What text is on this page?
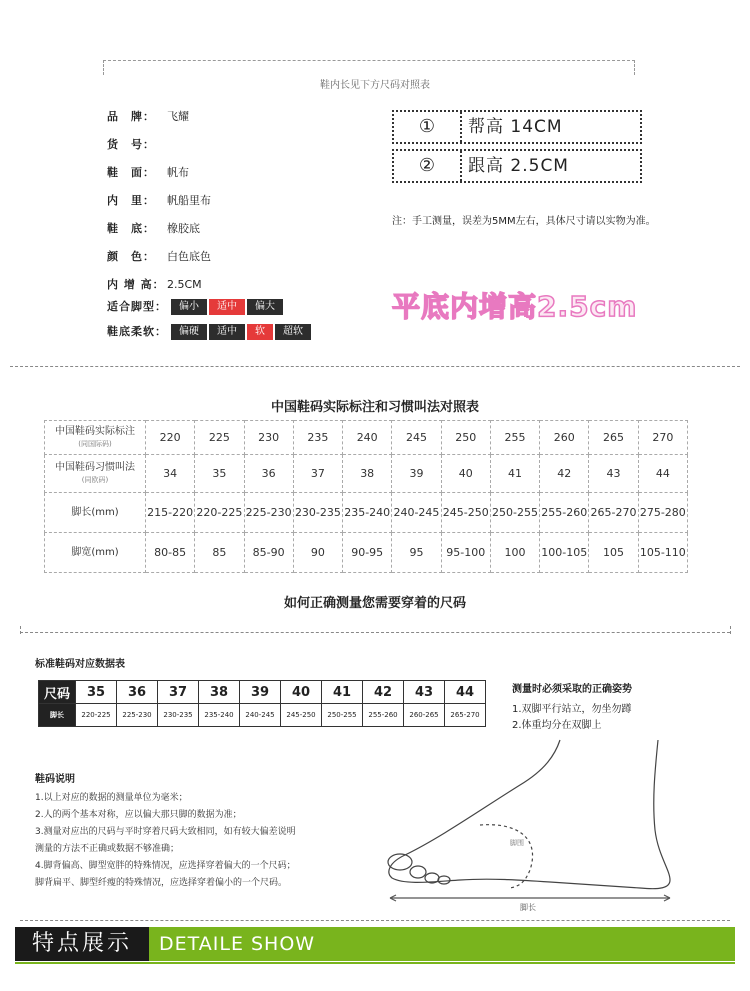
鞋内长见下方尺码对照表
品　牌：	飞耀
货　号：
鞋　面：	帆布
内　里：	帆船里布
鞋　底：	橡胶底
颜　色：	白色底色
内 增 高： 2.5CM
适合脚型：	偏小	适中	偏大
鞋底柔软：	偏硬	适中	软	超软
①	帮高 14CM
②	跟高 2.5CM
注：手工测量，误差为5MM左右，具体尺寸请以实物为准。
平底内增高2.5cm
中国鞋码实际标注和习惯叫法对照表
中国鞋码实际标注
(同国际码)	220	225	230	235	240	245	250	255	260	265	270
中国鞋码习惯叫法
(同欧码)	34	35	36	37	38	39	40	41	42	43	44
脚长(mm)	215-220	220-225	225-230	230-235	235-240	240-245	245-250	250-255	255-260	265-270	275-280
脚宽(mm)	80-85	85	85-90	90	90-95	95	95-100	100	100-105	105	105-110
如何正确测量您需要穿着的尺码
标准鞋码对应数据表
尺码	35	36	37	38	39	40	41	42	43	44
脚长	220-225	225-230	230-235	235-240	240-245	245-250	250-255	255-260	260-265	265-270
测量时必须采取的正确姿势
1.双脚平行站立，勿坐勿蹲
2.体重均分在双脚上
鞋码说明
1.以上对应的数据的测量单位为毫米；
2.人的两个基本对称，应以偏大那只脚的数据为准；
3.测量对应出的尺码与平时穿着尺码大致相同，如有较大偏差说明
测量的方法不正确或数据不够准确；
4.脚背偏高、脚型宽胖的特殊情况，应选择穿着偏大的一个尺码；
脚背扁平、脚型纤瘦的特殊情况，应选择穿着偏小的一个尺码。
脚围
脚长
特点展示	DETAILE SHOW
